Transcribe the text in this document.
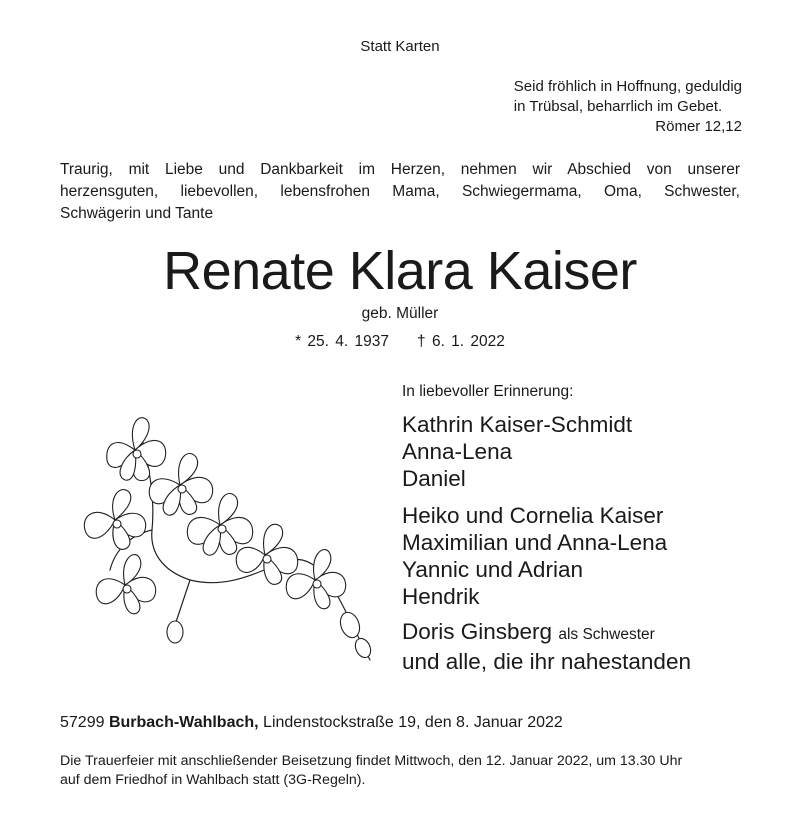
Statt Karten
Seid fröhlich in Hoffnung, geduldig
in Trübsal, beharrlich im Gebet.
Römer 12,12
Traurig, mit Liebe und Dankbarkeit im Herzen, nehmen wir Abschied von unserer
herzensguten, liebevollen, lebensfrohen Mama, Schwiegermama, Oma, Schwester,
Schwägerin und Tante
Renate Klara Kaiser
geb. Müller
* 25. 4. 1937 † 6. 1. 2022
In liebevoller Erinnerung:
Kathrin Kaiser-Schmidt
Anna-Lena
Daniel
Heiko und Cornelia Kaiser
Maximilian und Anna-Lena
Yannic und Adrian
Hendrik
Doris Ginsberg als Schwester
und alle, die ihr nahestanden
57299 Burbach-Wahlbach, Lindenstockstraße 19, den 8. Januar 2022
Die Trauerfeier mit anschließender Beisetzung findet Mittwoch, den 12. Januar 2022, um 13.30 Uhr
auf dem Friedhof in Wahlbach statt (3G-Regeln).
